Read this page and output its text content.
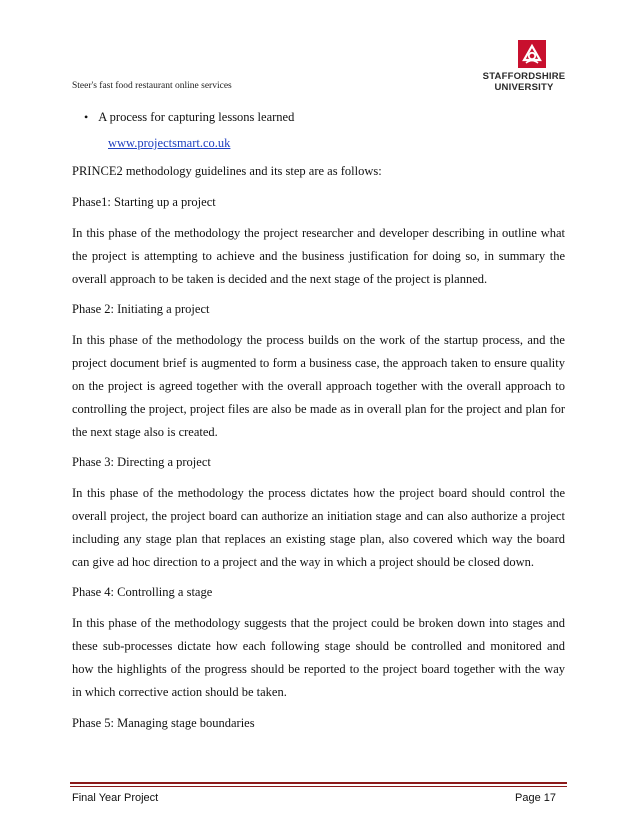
Steer's fast food restaurant online services
STAFFORDSHIRE
UNIVERSITY
• A process for capturing lessons learned
www.projectsmart.co.uk
PRINCE2 methodology guidelines and its step are as follows:
Phase1: Starting up a project
In this phase of the methodology the project researcher and developer describing in outline what
the project is attempting to achieve and the business justification for doing so, in summary the
overall approach to be taken is decided and the next stage of the project is planned.
Phase 2: Initiating a project
In this phase of the methodology the process builds on the work of the startup process, and the
project document brief is augmented to form a business case, the approach taken to ensure quality
on the project is agreed together with the overall approach together with the overall approach to
controlling the project, project files are also be made as in overall plan for the project and plan for
the next stage also is created.
Phase 3: Directing a project
In this phase of the methodology the process dictates how the project board should control the
overall project, the project board can authorize an initiation stage and can also authorize a project
including any stage plan that replaces an existing stage plan, also covered which way the board
can give ad hoc direction to a project and the way in which a project should be closed down.
Phase 4: Controlling a stage
In this phase of the methodology suggests that the project could be broken down into stages and
these sub-processes dictate how each following stage should be controlled and monitored and
how the highlights of the progress should be reported to the project board together with the way
in which corrective action should be taken.
Phase 5: Managing stage boundaries
Final Year Project	Page 17
